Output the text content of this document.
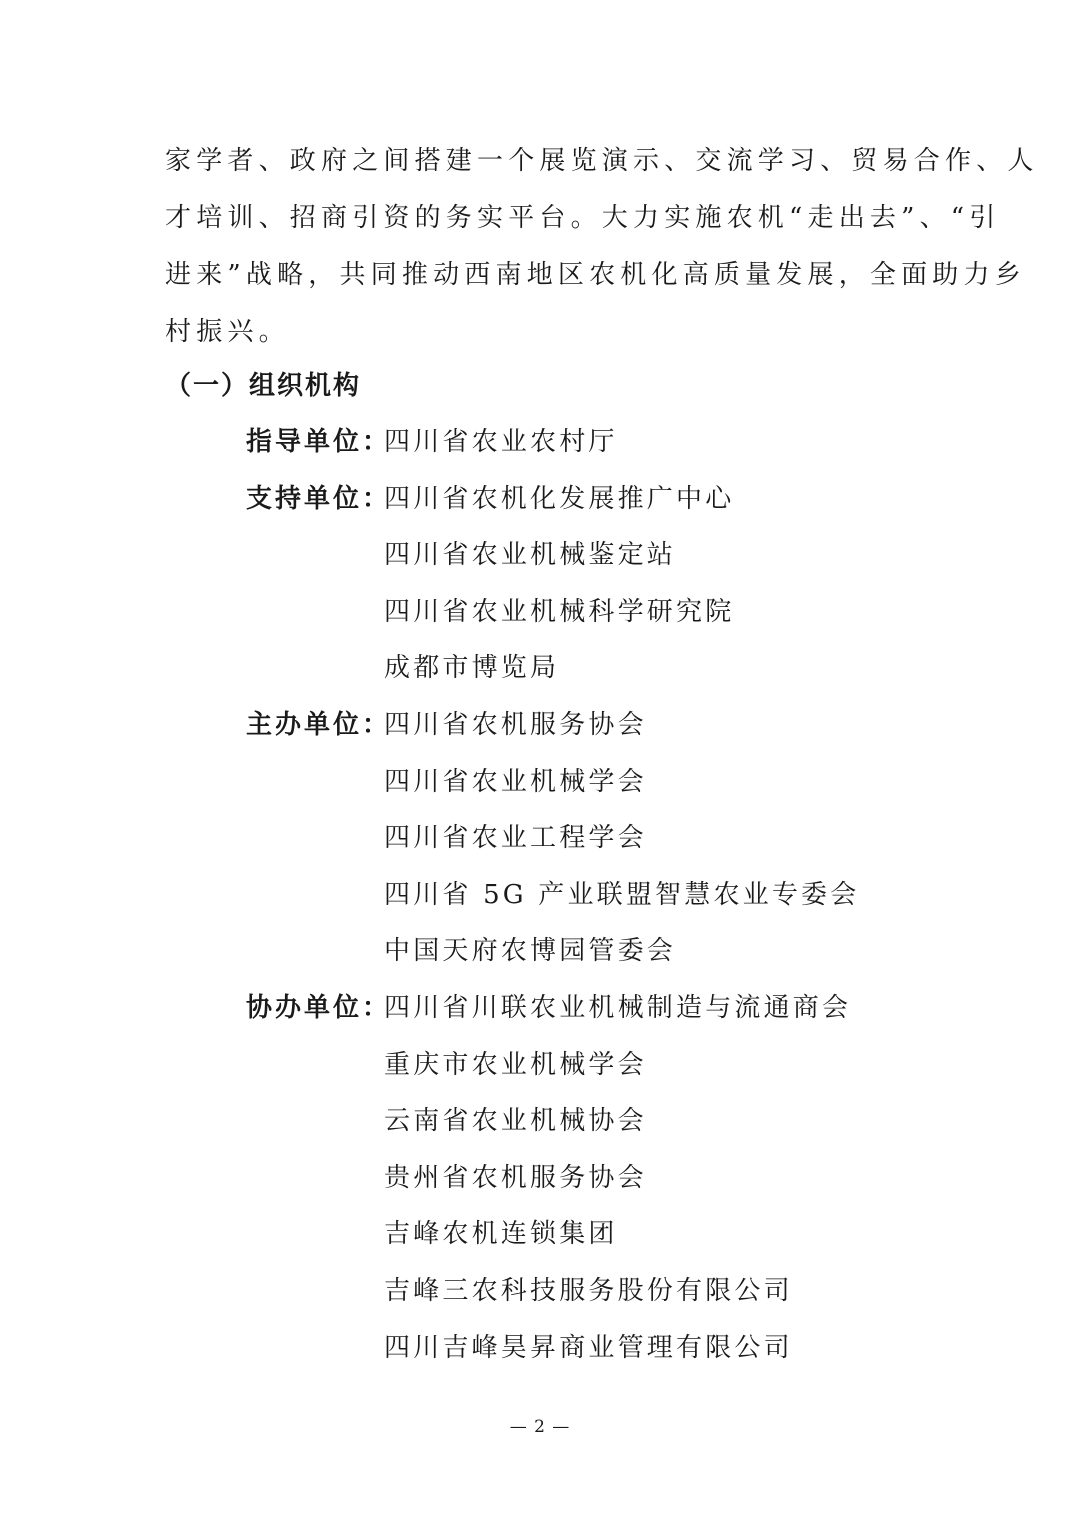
家学者、政府之间搭建一个展览演示、交流学习、贸易合作、人
才培训、招商引资的务实平台。大力实施农机“走出去”、“引
进来”战略，共同推动西南地区农机化高质量发展，全面助力乡
村振兴。

（一）组织机构
指导单位：
四川省农业农村厅
支持单位：
四川省农机化发展推广中心
四川省农业机械鉴定站
四川省农业机械科学研究院
成都市博览局
主办单位：
四川省农机服务协会
四川省农业机械学会
四川省农业工程学会
四川省 5G 产业联盟智慧农业专委会
中国天府农博园管委会
协办单位：
四川省川联农业机械制造与流通商会
重庆市农业机械学会
云南省农业机械协会
贵州省农机服务协会
吉峰农机连锁集团
吉峰三农科技服务股份有限公司
四川吉峰昊昇商业管理有限公司
— 2 —
